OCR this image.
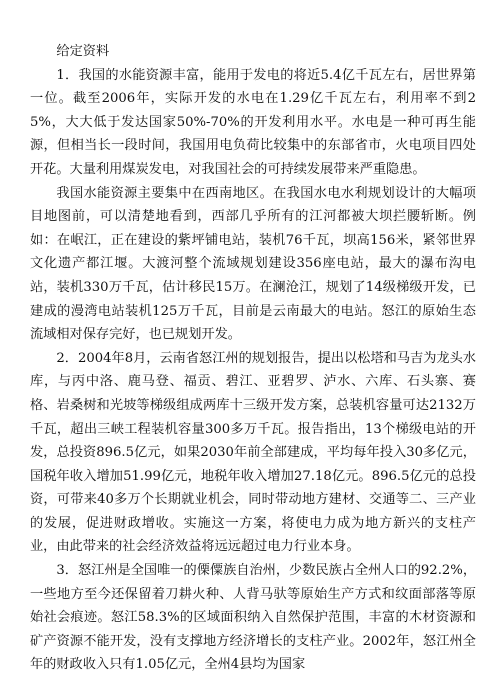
给定资料

1．我国的水能资源丰富，能用于发电的将近5.4亿千瓦左右，居世界第一位。截至2006年，实际开发的水电在1.29亿千瓦左右，利用率不到25%，大大低于发达国家50%-70%的开发利用水平。水电是一种可再生能源，但相当长一段时间，我国用电负荷比较集中的东部省市，火电项目四处开花。大量利用煤炭发电，对我国社会的可持续发展带来严重隐患。

我国水能资源主要集中在西南地区。在我国水电水利规划设计的大幅项目地图前，可以清楚地看到，西部几乎所有的江河都被大坝拦腰斩断。例如：在岷江，正在建设的紫坪铺电站，装机76千瓦，坝高156米，紧邻世界文化遗产都江堰。大渡河整个流域规划建设356座电站，最大的瀑布沟电站，装机330万千瓦，估计移民15万。在澜沧江，规划了14级梯级开发，已建成的漫湾电站装机125万千瓦，目前是云南最大的电站。怒江的原始生态流域相对保存完好，也已规划开发。

2．2004年8月，云南省怒江州的规划报告，提出以松塔和马吉为龙头水库，与丙中洛、鹿马登、福贡、碧江、亚碧罗、泸水、六库、石头寨、赛格、岩桑树和光坡等梯级组成两库十三级开发方案，总装机容量可达2132万千瓦，超出三峡工程装机容量300多万千瓦。报告指出，13个梯级电站的开发，总投资896.5亿元，如果2030年前全部建成，平均每年投入30多亿元，国税年收入增加51.99亿元，地税年收入增加27.18亿元。896.5亿元的总投资，可带来40多万个长期就业机会，同时带动地方建材、交通等二、三产业的发展，促进财政增收。实施这一方案，将使电力成为地方新兴的支柱产业，由此带来的社会经济效益将远远超过电力行业本身。

3．怒江州是全国唯一的傈僳族自治州，少数民族占全州人口的92.2%，一些地方至今还保留着刀耕火种、人背马驮等原始生产方式和纹面部落等原始社会痕迹。怒江58.3%的区域面积纳入自然保护范围，丰富的木材资源和矿产资源不能开发，没有支撑地方经济增长的支柱产业。2002年，怒江州全年的财政收入只有1.05亿元，全州4县均为国家
